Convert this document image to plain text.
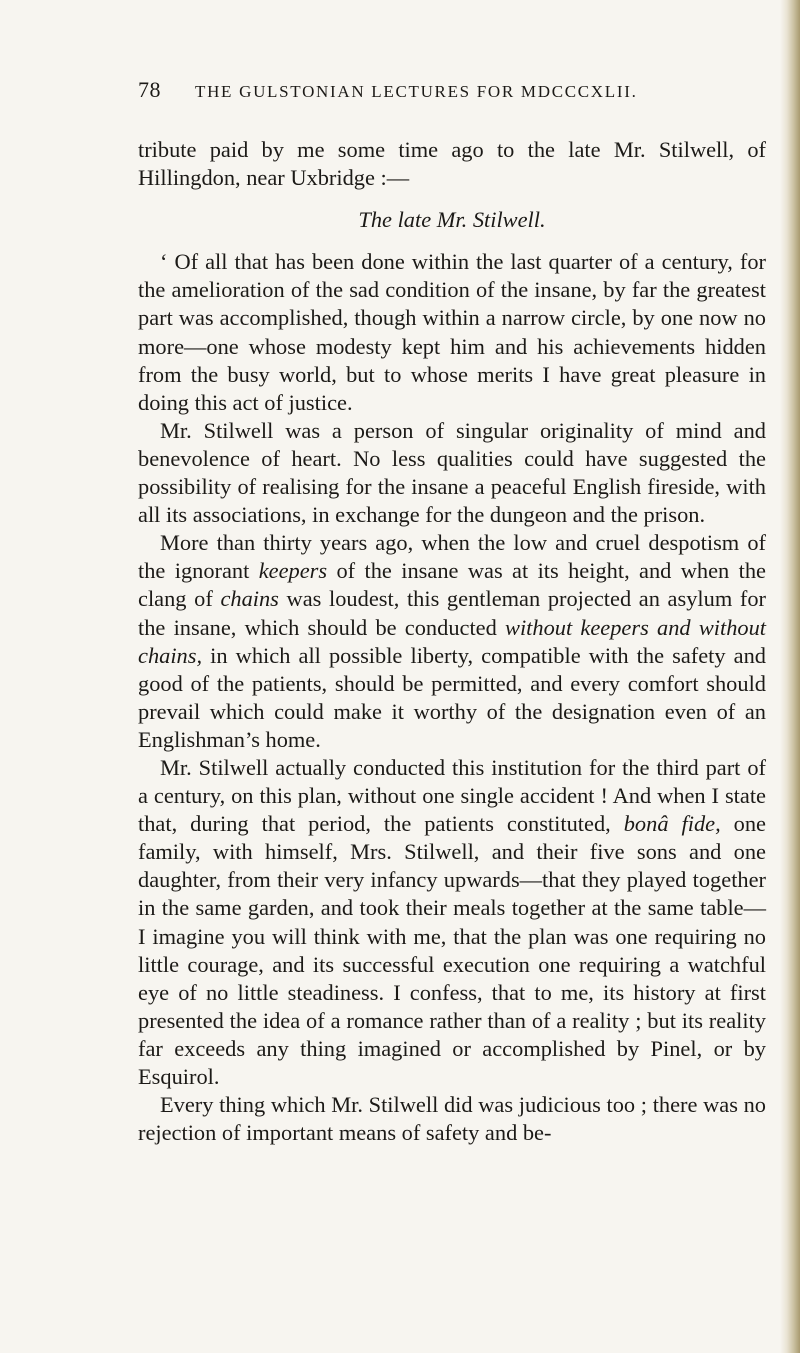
78 THE GULSTONIAN LECTURES FOR MDCCCXLII.

tribute paid by me some time ago to the late Mr. Stilwell, of Hillingdon, near Uxbridge :—

The late Mr. Stilwell.

‘ Of all that has been done within the last quarter of a century, for the amelioration of the sad condition of the insane, by far the greatest part was accomplished, though within a narrow circle, by one now no more—one whose modesty kept him and his achievements hidden from the busy world, but to whose merits I have great pleasure in doing this act of justice.

Mr. Stilwell was a person of singular originality of mind and benevolence of heart. No less qualities could have suggested the possibility of realising for the insane a peaceful English fireside, with all its associations, in exchange for the dungeon and the prison.

More than thirty years ago, when the low and cruel despotism of the ignorant keepers of the insane was at its height, and when the clang of chains was loudest, this gentleman projected an asylum for the insane, which should be conducted without keepers and without chains, in which all possible liberty, compatible with the safety and good of the patients, should be permitted, and every comfort should prevail which could make it worthy of the designation even of an Englishman’s home.

Mr. Stilwell actually conducted this institution for the third part of a century, on this plan, without one single accident ! And when I state that, during that period, the patients constituted, bonâ fide, one family, with himself, Mrs. Stilwell, and their five sons and one daughter, from their very infancy upwards—that they played together in the same garden, and took their meals together at the same table— I imagine you will think with me, that the plan was one requiring no little courage, and its successful execution one requiring a watchful eye of no little steadiness. I confess, that to me, its history at first presented the idea of a romance rather than of a reality ; but its reality far exceeds any thing imagined or accomplished by Pinel, or by Esquirol.

Every thing which Mr. Stilwell did was judicious too ; there was no rejection of important means of safety and be-
